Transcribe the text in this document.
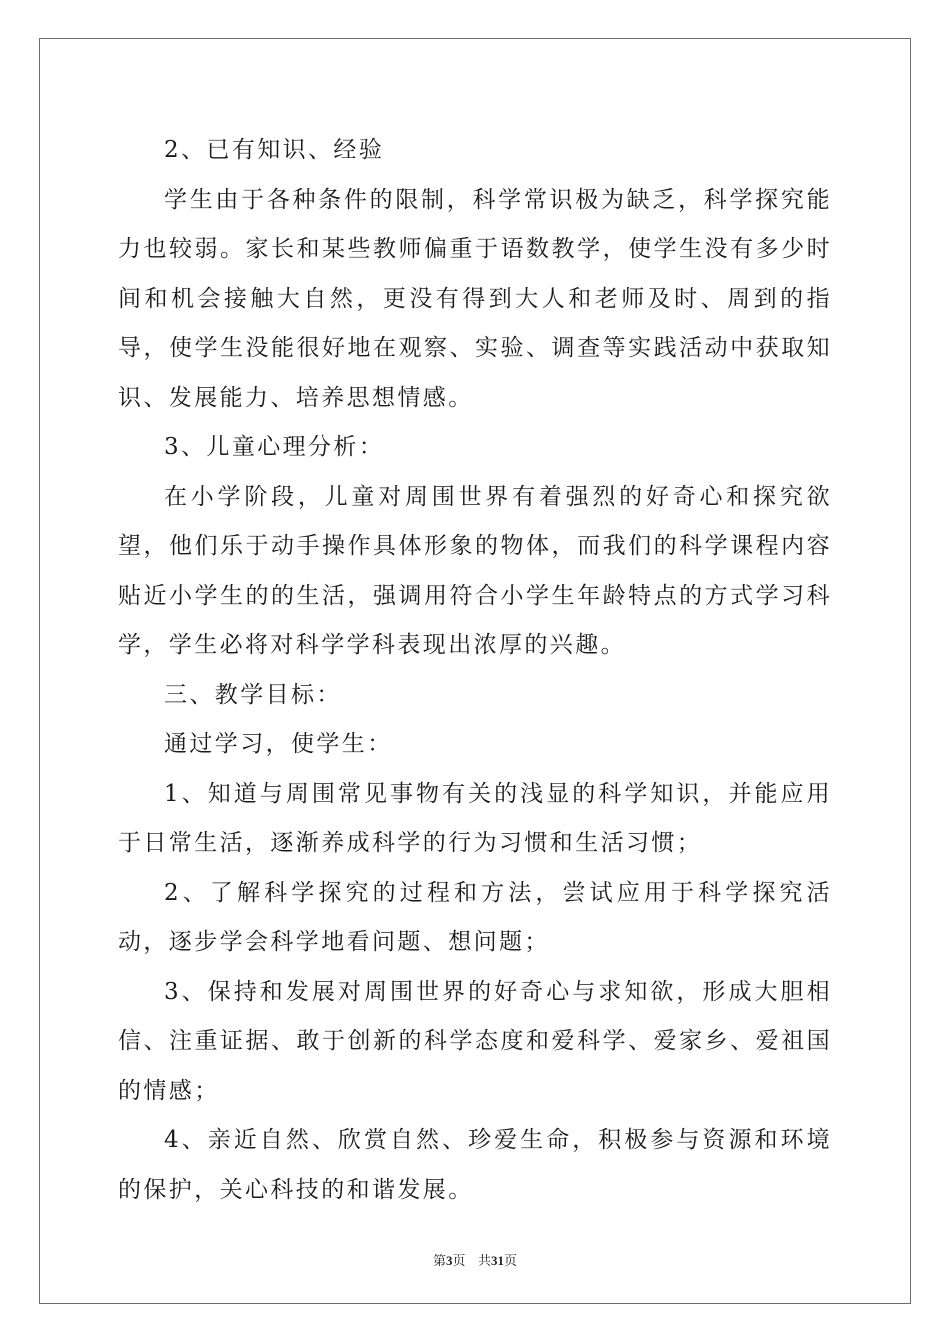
2、已有知识、经验

学生由于各种条件的限制，科学常识极为缺乏，科学探究能力也较弱。家长和某些教师偏重于语数教学，使学生没有多少时间和机会接触大自然，更没有得到大人和老师及时、周到的指导，使学生没能很好地在观察、实验、调查等实践活动中获取知识、发展能力、培养思想情感。

3、儿童心理分析：

在小学阶段，儿童对周围世界有着强烈的好奇心和探究欲望，他们乐于动手操作具体形象的物体，而我们的科学课程内容贴近小学生的的生活，强调用符合小学生年龄特点的方式学习科学，学生必将对科学学科表现出浓厚的兴趣。

三、教学目标：

通过学习，使学生：

1、知道与周围常见事物有关的浅显的科学知识，并能应用于日常生活，逐渐养成科学的行为习惯和生活习惯；

2、了解科学探究的过程和方法，尝试应用于科学探究活动，逐步学会科学地看问题、想问题；

3、保持和发展对周围世界的好奇心与求知欲，形成大胆相信、注重证据、敢于创新的科学态度和爱科学、爱家乡、爱祖国的情感；

4、亲近自然、欣赏自然、珍爱生命，积极参与资源和环境的保护，关心科技的和谐发展。

第3页   共31页
